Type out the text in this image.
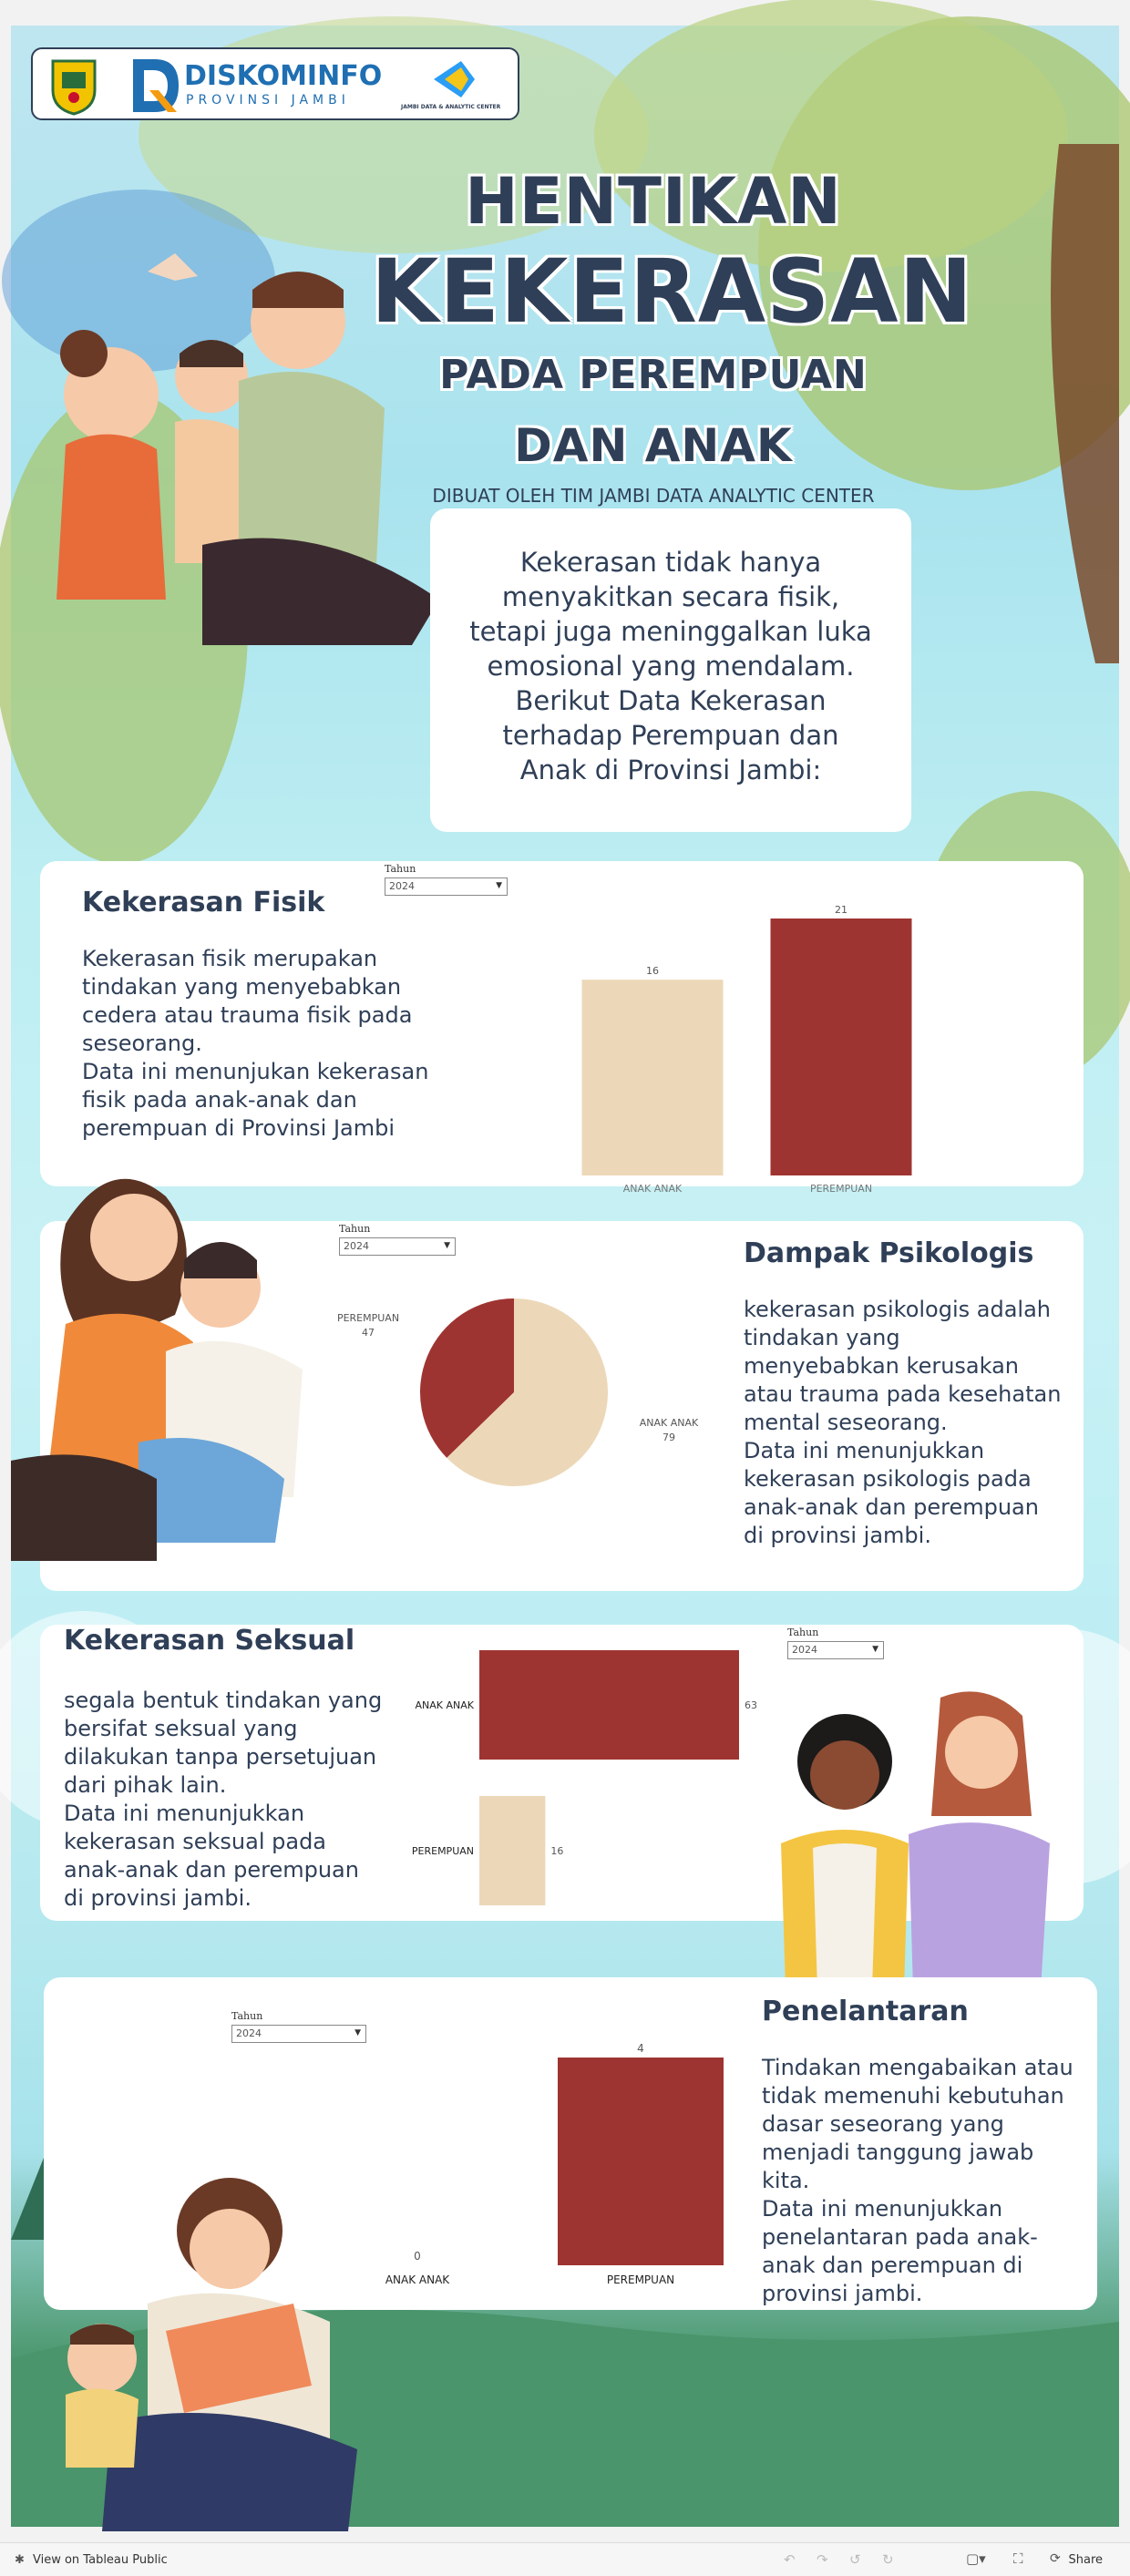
DISKOMINFO
PROVINSI JAMBI	JAMBI DATA & ANALYTIC CENTER
HENTIKAN
KEKERASAN
PADA PEREMPUAN
DAN ANAK
DIBUAT OLEH TIM JAMBI DATA ANALYTIC CENTER
Kekerasan tidak hanya
menyakitkan secara fisik,
tetapi juga meninggalkan luka
emosional yang mendalam.
Berikut Data Kekerasan
terhadap Perempuan dan
Anak di Provinsi Jambi:
Kekerasan Fisik
Kekerasan fisik merupakan
tindakan yang menyebabkan
cedera atau trauma fisik pada
seseorang.
Data ini menunjukan kekerasan
fisik pada anak-anak dan
perempuan di Provinsi Jambi
Tahun
2024	▼
16
ANAK ANAK
21
PEREMPUAN
Dampak Psikologis
kekerasan psikologis adalah
tindakan yang
menyebabkan kerusakan
atau trauma pada kesehatan
mental seseorang.
Data ini menunjukkan
kekerasan psikologis pada
anak-anak dan perempuan
di provinsi jambi.
Tahun
2024	▼
PEREMPUAN
47
ANAK ANAK
79
Kekerasan Seksual
segala bentuk tindakan yang
bersifat seksual yang
dilakukan tanpa persetujuan
dari pihak lain.
Data ini menunjukkan
kekerasan seksual pada
anak-anak dan perempuan
di provinsi jambi.
Tahun
2024	▼
ANAK ANAK	63
PEREMPUAN	16
Penelantaran
Tindakan mengabaikan atau
tidak memenuhi kebutuhan
dasar seseorang yang
menjadi tanggung jawab
kita.
Data ini menunjukkan
penelantaran pada anak-
anak dan perempuan di
provinsi jambi.
Tahun
2024	▼
0
ANAK ANAK
4
PEREMPUAN
✱ View on Tableau Public	↶ ↷ ↺ ↻	▢▾ ⛶ ⟳ Share
